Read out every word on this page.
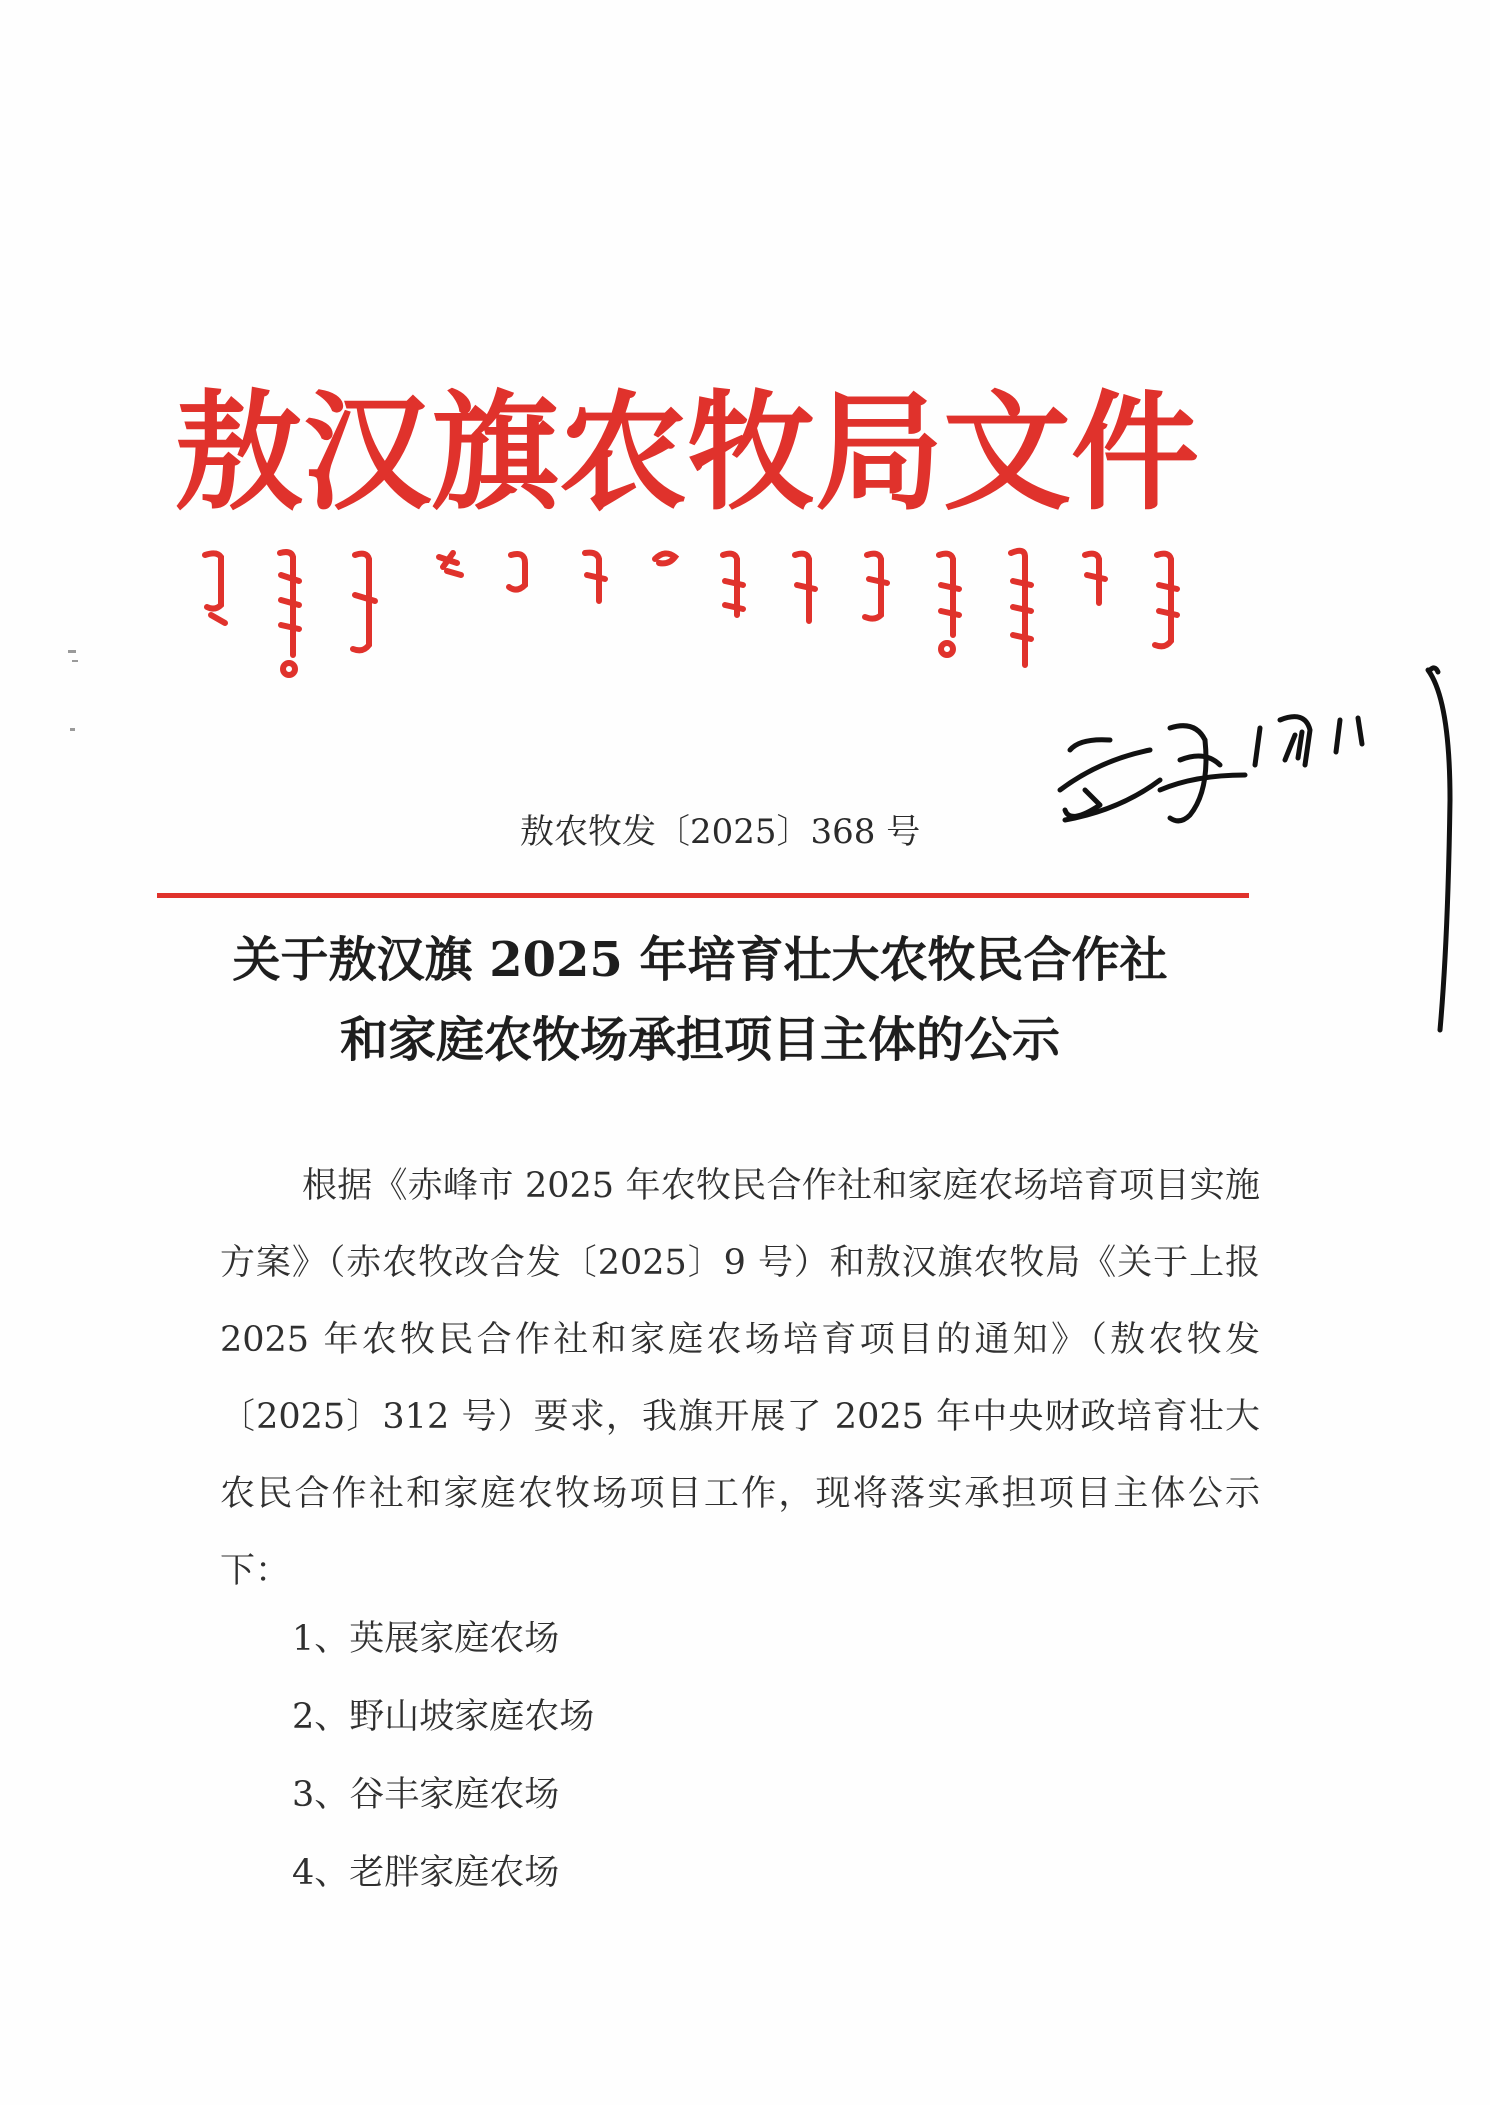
敖汉旗农牧局文件
敖农牧发〔2025〕368 号
关于敖汉旗 2025 年培育壮大农牧民合作社
和家庭农牧场承担项目主体的公示
根据《赤峰市 2025 年农牧民合作社和家庭农场培育项目实施方案》（赤农牧改合发〔2025〕9 号）和敖汉旗农牧局《关于上报 2025 年农牧民合作社和家庭农场培育项目的通知》（敖农牧发〔2025〕312 号）要求，我旗开展了 2025 年中央财政培育壮大农民合作社和家庭农牧场项目工作，现将落实承担项目主体公示下：
1、英展家庭农场
2、野山坡家庭农场
3、谷丰家庭农场
4、老胖家庭农场
